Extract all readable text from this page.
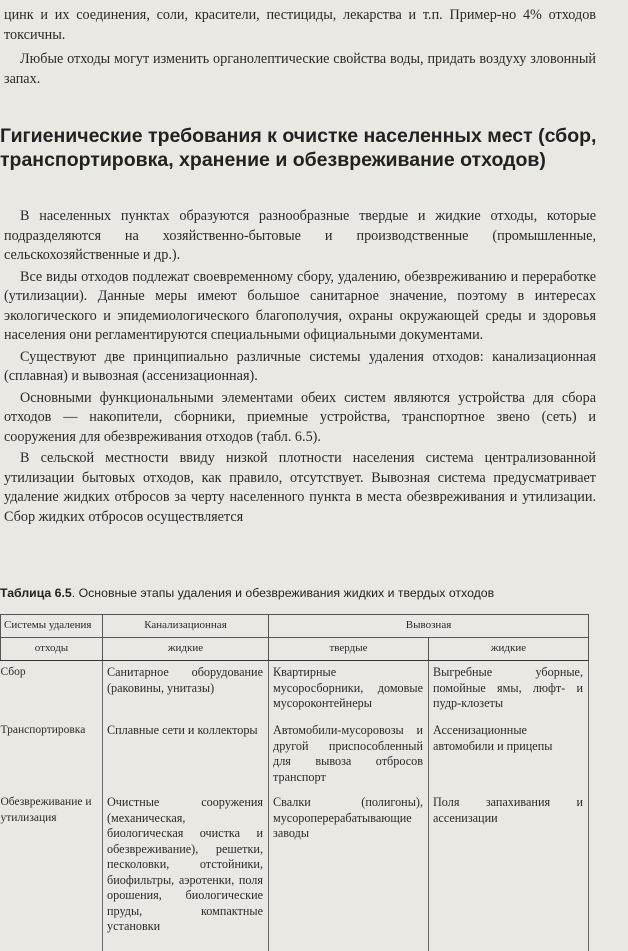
цинк и их соединения, соли, красители, пестициды, лекарства и т.п. Пример-но 4% отходов токсичны.

Любые отходы могут изменить органолептические свойства воды, придать воздуху зловонный запах.

Гигиенические требования к очистке населенных мест (сбор, транспортировка, хранение и обезвреживание отходов)

В населенных пунктах образуются разнообразные твердые и жидкие отходы, которые подразделяются на хозяйственно-бытовые и производственные (промышленные, сельскохозяйственные и др.).

Все виды отходов подлежат своевременному сбору, удалению, обезвреживанию и переработке (утилизации). Данные меры имеют большое санитарное значение, поэтому в интересах экологического и эпидемиологического благополучия, охраны окружающей среды и здоровья населения они регламентируются специальными официальными документами.

Существуют две принципиально различные системы удаления отходов: канализационная (сплавная) и вывозная (ассенизационная).

Основными функциональными элементами обеих систем являются устройства для сбора отходов — накопители, сборники, приемные устройства, транспортное звено (сеть) и сооружения для обезвреживания отходов (табл. 6.5).

В сельской местности ввиду низкой плотности населения система централизованной утилизации бытовых отходов, как правило, отсутствует. Вывозная система предусматривает удаление жидких отбросов за черту населенного пункта в места обезвреживания и утилизации. Сбор жидких отбросов осуществляется

Таблица 6.5. Основные этапы удаления и обезвреживания жидких и твердых отходов

Системы удаления	Канализационная	Вывозная	
отходы	жидкие	твердые	жидкие
Сбор	Санитарное оборудование (раковины, унитазы)	Квартирные мусоросборники, домовые мусороконтейнеры	Выгребные уборные, помойные ямы, люфт- и пудр-клозеты
Транспортировка	Сплавные сети и коллекторы	Автомобили-мусоровозы и другой приспособленный для вывоза отбросов транспорт	Ассенизационные автомобили и прицепы
Обезвреживание и утилизация	Очистные сооружения (механическая, биологическая очистка и обезвреживание), решетки, песколовки, отстойники, биофильтры, аэротенки, поля орошения, биологические пруды, компактные установки	Свалки (полигоны), мусороперерабатывающие заводы	Поля запахивания и ассенизации
